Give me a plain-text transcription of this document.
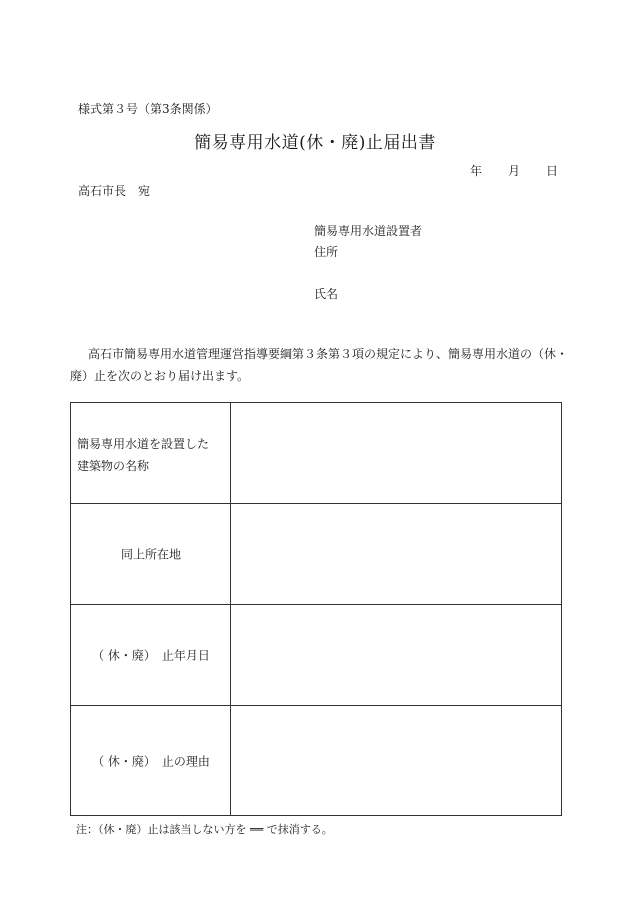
様式第３号（第3条関係）
簡易専用水道(休・廃)止届出書
年 月 日
高石市長　宛
簡易専用水道設置者
住所
氏名
高石市簡易専用水道管理運営指導要綱第３条第３項の規定により、簡易専用水道の（休・廃）止を次のとおり届け出ます。
簡易専用水道を設置した
建築物の名称
同上所在地
（ 休・廃）　止年月日
（ 休・廃）　止の理由
注：（休・廃）止は該当しない方を ══ で抹消する。
